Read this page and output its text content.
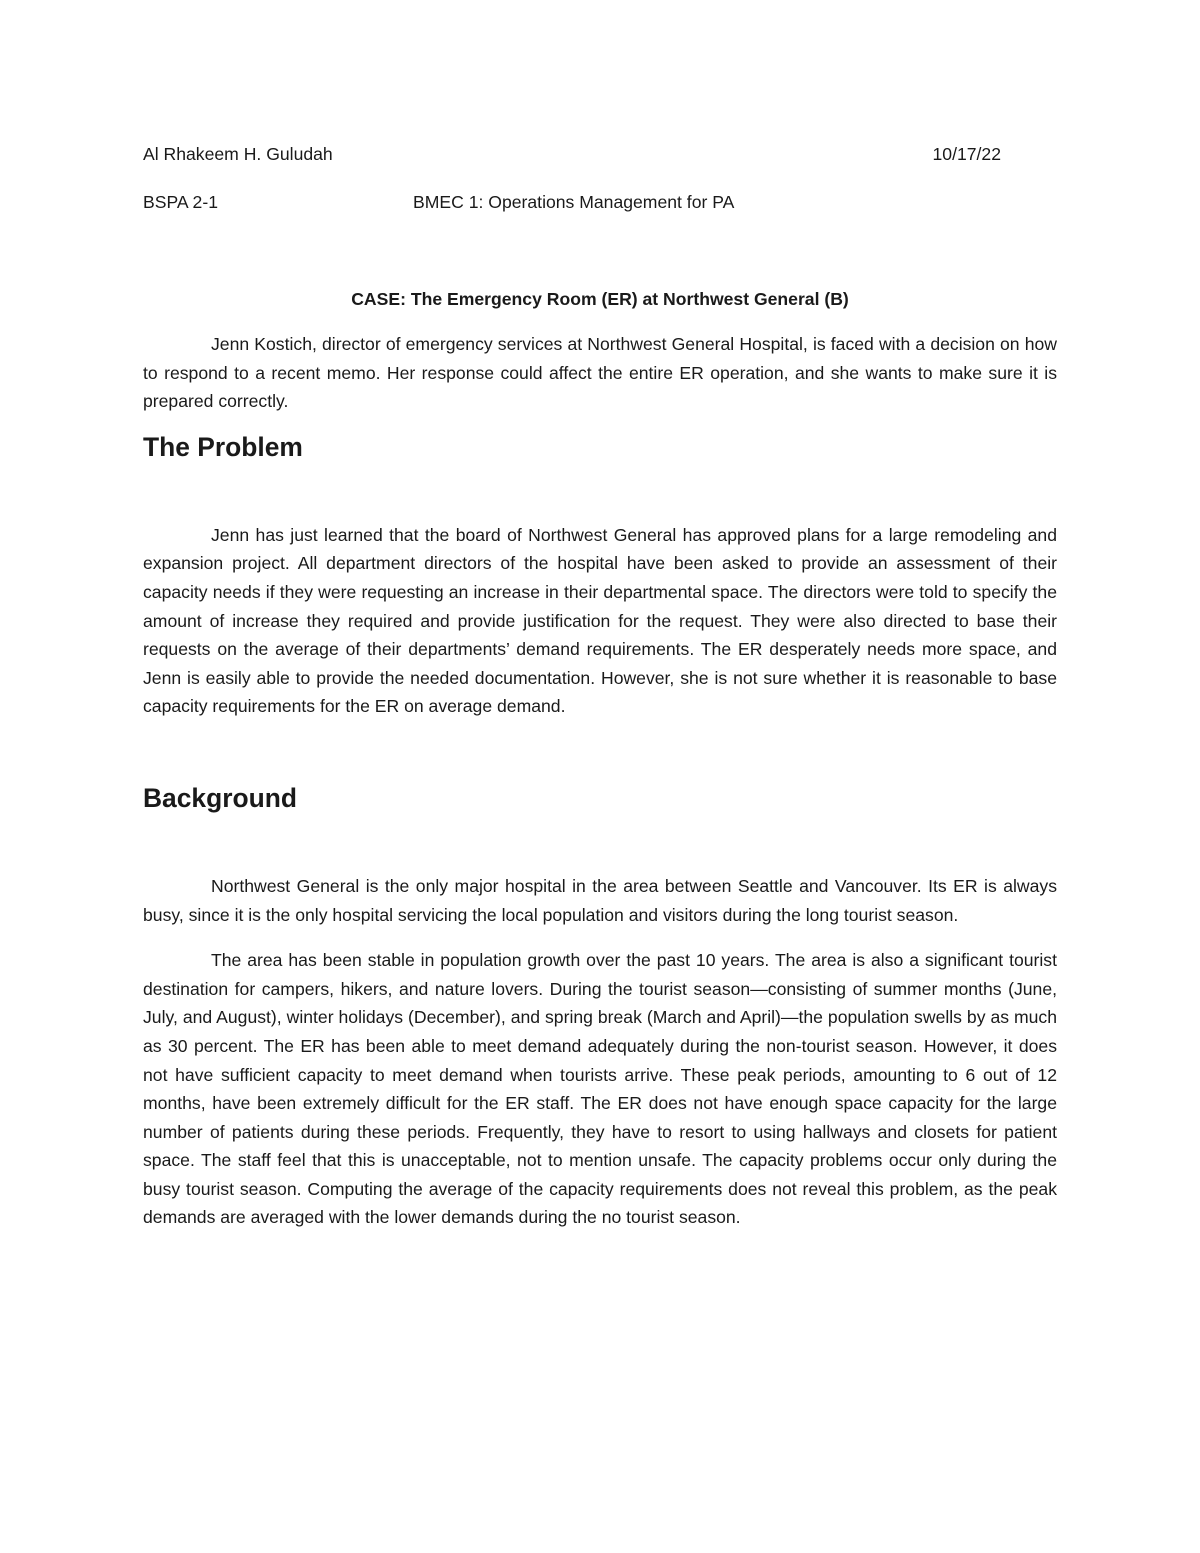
Al Rhakeem H. Guludah	10/17/22
BSPA 2-1	BMEC 1: Operations Management for PA
CASE: The Emergency Room (ER) at Northwest General (B)

Jenn Kostich, director of emergency services at Northwest General Hospital, is faced with a decision on how to respond to a recent memo. Her response could affect the entire ER operation, and she wants to make sure it is prepared correctly.

The Problem

Jenn has just learned that the board of Northwest General has approved plans for a large remodeling and expansion project. All department directors of the hospital have been asked to provide an assessment of their capacity needs if they were requesting an increase in their departmental space. The directors were told to specify the amount of increase they required and provide justification for the request. They were also directed to base their requests on the average of their departments’ demand requirements. The ER desperately needs more space, and Jenn is easily able to provide the needed documentation. However, she is not sure whether it is reasonable to base capacity requirements for the ER on average demand.

Background

Northwest General is the only major hospital in the area between Seattle and Vancouver. Its ER is always busy, since it is the only hospital servicing the local population and visitors during the long tourist season.

The area has been stable in population growth over the past 10 years. The area is also a significant tourist destination for campers, hikers, and nature lovers. During the tourist season—consisting of summer months (June, July, and August), winter holidays (December), and spring break (March and April)—the population swells by as much as 30 percent. The ER has been able to meet demand adequately during the non-tourist season. However, it does not have sufficient capacity to meet demand when tourists arrive. These peak periods, amounting to 6 out of 12 months, have been extremely difficult for the ER staff. The ER does not have enough space capacity for the large number of patients during these periods. Frequently, they have to resort to using hallways and closets for patient space. The staff feel that this is unacceptable, not to mention unsafe. The capacity problems occur only during the busy tourist season. Computing the average of the capacity requirements does not reveal this problem, as the peak demands are averaged with the lower demands during the no tourist season.
